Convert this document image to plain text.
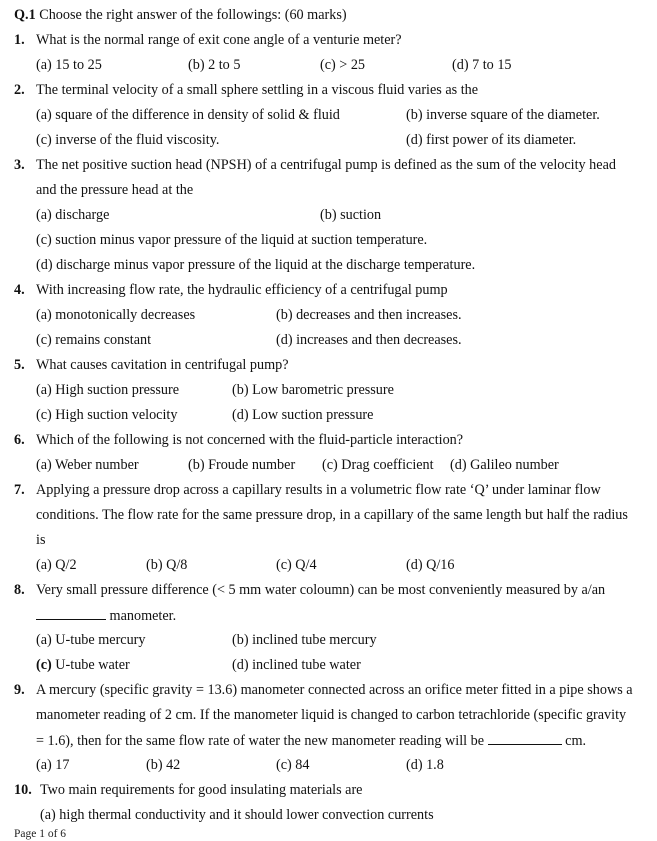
Q.1 Choose the right answer of the followings: (60 marks)
1. What is the normal range of exit cone angle of a venturie meter?
(a) 15 to 25	(b) 2 to 5	(c) > 25	(d) 7 to 15
2. The terminal velocity of a small sphere settling in a viscous fluid varies as the
(a) square of the difference in density of solid & fluid	(b) inverse square of the diameter.
(c) inverse of the fluid viscosity.	(d) first power of its diameter.
3. The net positive suction head (NPSH) of a centrifugal pump is defined as the sum of the velocity head
and the pressure head at the
(a) discharge	(b) suction
(c) suction minus vapor pressure of the liquid at suction temperature.
(d) discharge minus vapor pressure of the liquid at the discharge temperature.
4. With increasing flow rate, the hydraulic efficiency of a centrifugal pump
(a) monotonically decreases	(b) decreases and then increases.
(c) remains constant	(d) increases and then decreases.
5. What causes cavitation in centrifugal pump?
(a) High suction pressure	(b) Low barometric pressure
(c) High suction velocity	(d) Low suction pressure
6. Which of the following is not concerned with the fluid-particle interaction?
(a) Weber number	(b) Froude number (c) Drag coefficient (d) Galileo number
7. Applying a pressure drop across a capillary results in a volumetric flow rate ‘Q’ under laminar flow
conditions. The flow rate for the same pressure drop, in a capillary of the same length but half the radius
is
(a) Q/2	(b) Q/8	(c) Q/4	(d) Q/16
8. Very small pressure difference (< 5 mm water coloumn) can be most conveniently measured by a/an
manometer.
(a) U-tube mercury	(b) inclined tube mercury
(c) U-tube water	(d) inclined tube water
9. A mercury (specific gravity = 13.6) manometer connected across an orifice meter fitted in a pipe shows a
manometer reading of 2 cm. If the manometer liquid is changed to carbon tetrachloride (specific gravity
= 1.6), then for the same flow rate of water the new manometer reading will be	cm.
(a) 17	(b) 42	(c) 84	(d) 1.8
10. Two main requirements for good insulating materials are
(a) high thermal conductivity and it should lower convection currents
Page 1 of 6
